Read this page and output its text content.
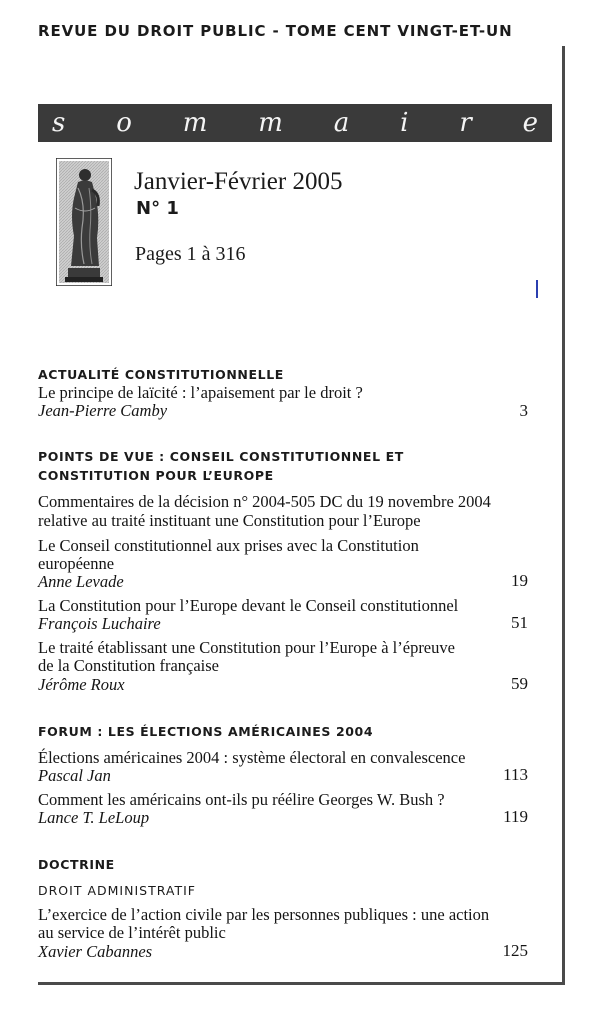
REVUE DU DROIT PUBLIC - TOME CENT VINGT-ET-UN
s o m m a i r e
Janvier-Février 2005
N° 1
Pages 1 à 316
ACTUALITÉ CONSTITUTIONNELLE
Le principe de laïcité : l’apaisement par le droit ?
Jean-Pierre Camby	3
POINTS DE VUE : CONSEIL CONSTITUTIONNEL ET
CONSTITUTION POUR L’EUROPE
Commentaires de la décision n° 2004-505 DC du 19 novembre 2004
relative au traité instituant une Constitution pour l’Europe
Le Conseil constitutionnel aux prises avec la Constitution
européenne
Anne Levade	19
La Constitution pour l’Europe devant le Conseil constitutionnel
François Luchaire	51
Le traité établissant une Constitution pour l’Europe à l’épreuve
de la Constitution française
Jérôme Roux	59
FORUM : LES ÉLECTIONS AMÉRICAINES 2004
Élections américaines 2004 : système électoral en convalescence
Pascal Jan	113
Comment les américains ont-ils pu réélire Georges W. Bush ?
Lance T. LeLoup	119
DOCTRINE
DROIT ADMINISTRATIF
L’exercice de l’action civile par les personnes publiques : une action
au service de l’intérêt public
Xavier Cabannes	125
